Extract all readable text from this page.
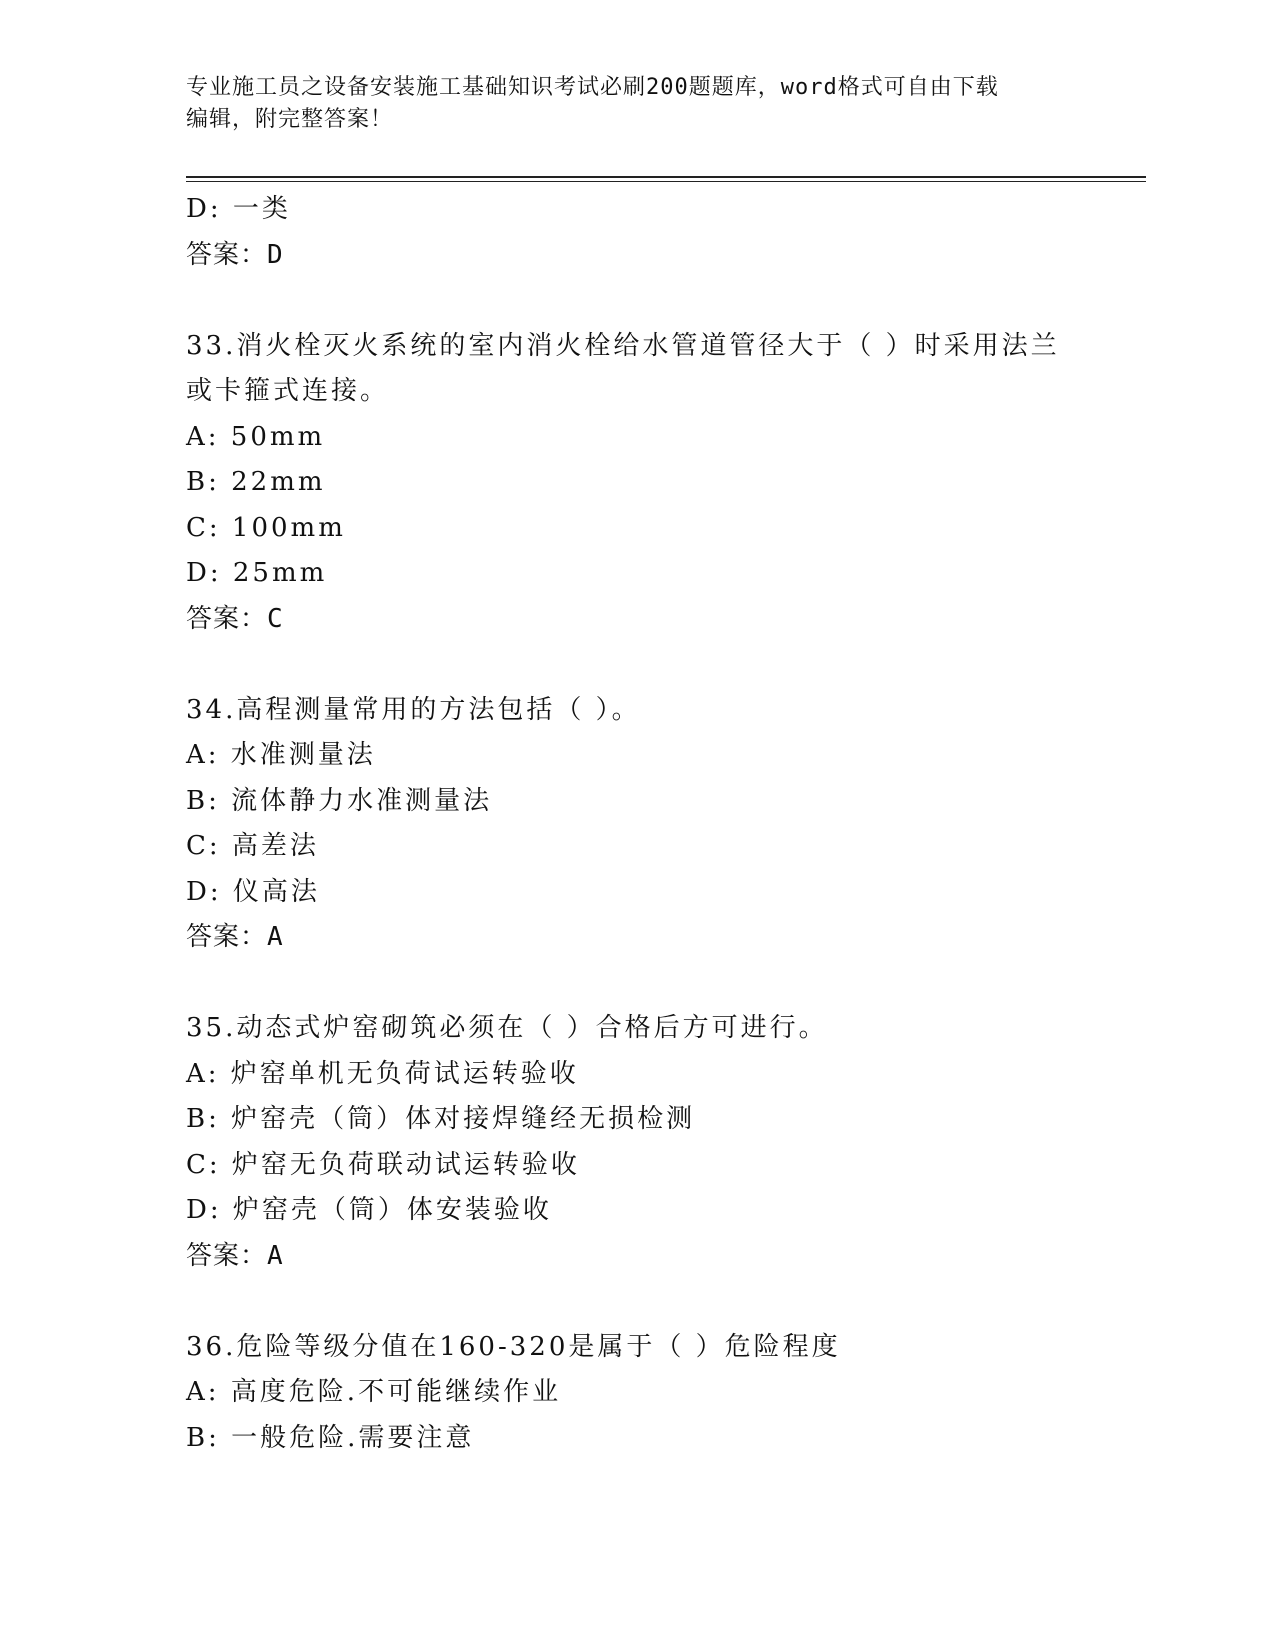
专业施工员之设备安装施工基础知识考试必刷200题题库，word格式可自由下载
编辑，附完整答案！
D: 一类
答案：D
33.消火栓灭火系统的室内消火栓给水管道管径大于（ ）时采用法兰
或卡箍式连接。
A: 50mm
B: 22mm
C: 100mm
D: 25mm
答案：C
34.高程测量常用的方法包括（ ）。
A: 水准测量法
B: 流体静力水准测量法
C: 高差法
D: 仪高法
答案：A
35.动态式炉窑砌筑必须在（ ）合格后方可进行。
A: 炉窑单机无负荷试运转验收
B: 炉窑壳（筒）体对接焊缝经无损检测
C: 炉窑无负荷联动试运转验收
D: 炉窑壳（筒）体安装验收
答案：A
36.危险等级分值在160-320是属于（ ）危险程度
A: 高度危险.不可能继续作业
B: 一般危险.需要注意
